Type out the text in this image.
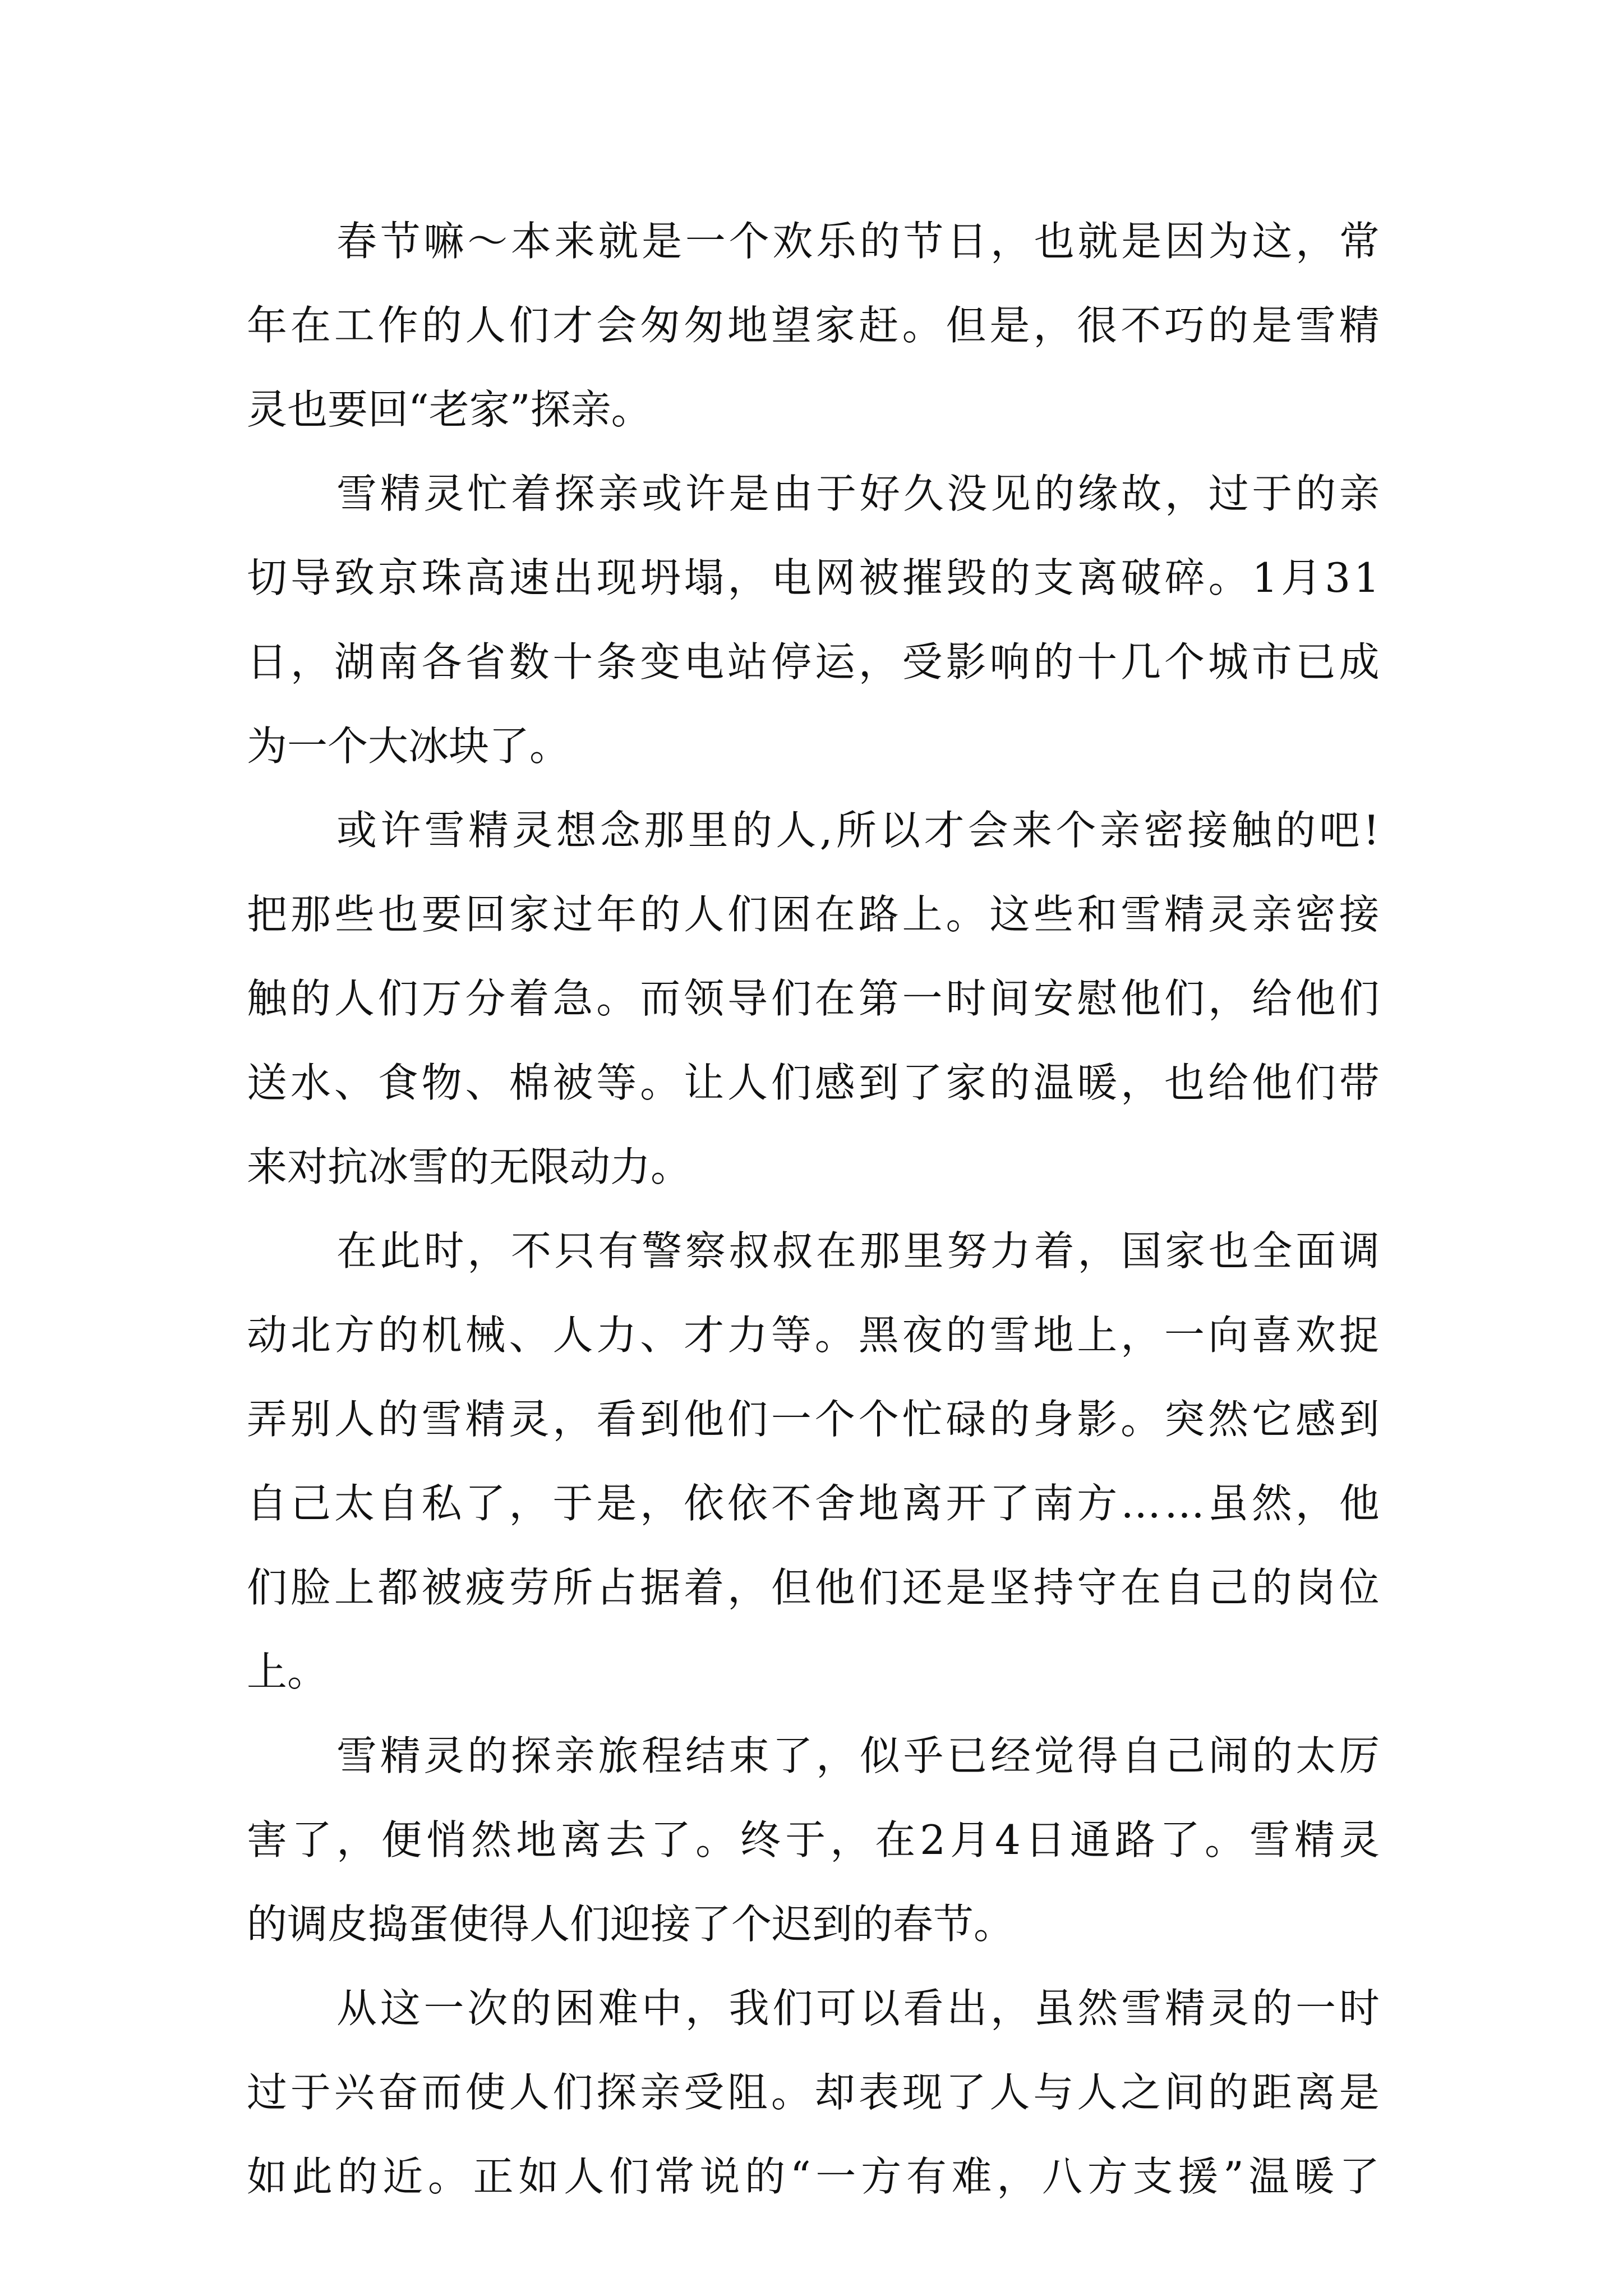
春 节 嘛 ～ 本 来 就 是 一 个 欢 乐 的 节 日 ， 也 就 是 因 为 这 ， 常
年 在 工 作 的 人 们 才 会 匆 匆 地 望 家 赶 。 但 是 ， 很 不 巧 的 是 雪 精
灵也要回“老家”探亲。
雪 精 灵 忙 着 探 亲 或 许 是 由 于 好 久 没 见 的 缘 故 ， 过 于 的 亲
切 导 致 京 珠 高 速 出 现 坍 塌 ， 电 网 被 摧 毁 的 支 离 破 碎 。 1 月 3 1
日 ， 湖 南 各 省 数 十 条 变 电 站 停 运 ， 受 影 响 的 十 几 个 城 市 已 成
为一个大冰块了。
或 许 雪 精 灵 想 念 那 里 的 人 , 所 以 才 会 来 个 亲 密 接 触 的 吧 !
把 那 些 也 要 回 家 过 年 的 人 们 困 在 路 上 。 这 些 和 雪 精 灵 亲 密 接
触 的 人 们 万 分 着 急 。 而 领 导 们 在 第 一 时 间 安 慰 他 们 ， 给 他 们
送 水 、 食 物 、 棉 被 等 。 让 人 们 感 到 了 家 的 温 暖 ， 也 给 他 们 带
来对抗冰雪的无限动力。
在 此 时 ， 不 只 有 警 察 叔 叔 在 那 里 努 力 着 ， 国 家 也 全 面 调
动 北 方 的 机 械 、 人 力 、 才 力 等 。 黑 夜 的 雪 地 上 ， 一 向 喜 欢 捉
弄 别 人 的 雪 精 灵 ， 看 到 他 们 一 个 个 忙 碌 的 身 影 。 突 然 它 感 到
自 己 太 自 私 了 ， 于 是 ， 依 依 不 舍 地 离 开 了 南 方 … … 虽 然 ， 他
们 脸 上 都 被 疲 劳 所 占 据 着 ， 但 他 们 还 是 坚 持 守 在 自 己 的 岗 位
上。
雪 精 灵 的 探 亲 旅 程 结 束 了 ， 似 乎 已 经 觉 得 自 己 闹 的 太 厉
害 了 ， 便 悄 然 地 离 去 了 。 终 于 ， 在 2 月 4 日 通 路 了 。 雪 精 灵
的调皮捣蛋使得人们迎接了个迟到的春节。
从 这 一 次 的 困 难 中 ， 我 们 可 以 看 出 ， 虽 然 雪 精 灵 的 一 时
过 于 兴 奋 而 使 人 们 探 亲 受 阻 。 却 表 现 了 人 与 人 之 间 的 距 离 是
如 此 的 近 。 正 如 人 们 常 说 的 “ 一 方 有 难 ， 八 方 支 援 ” 温 暖 了
